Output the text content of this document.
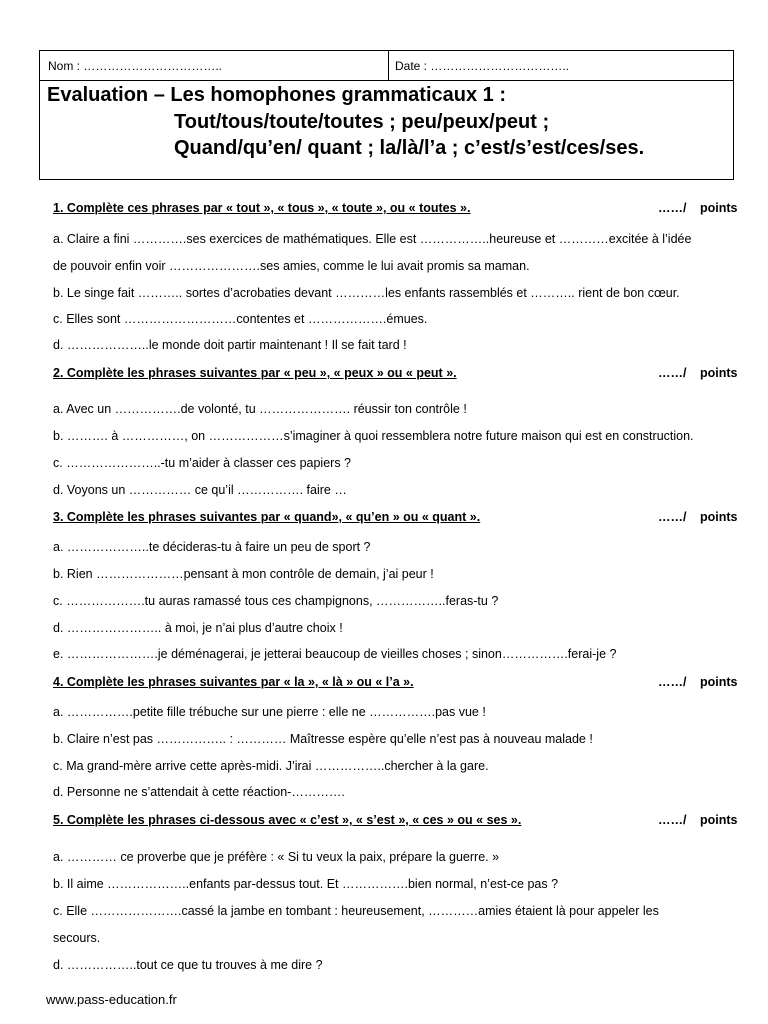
Nom : ……………………………..	Date : ……………………………..
Evaluation – Les homophones grammaticaux 1 :
Tout/tous/toute/toutes ; peu/peux/peut ;
Quand/qu’en/ quant ; la/là/l’a ; c’est/s’est/ces/ses.
1. Complète ces phrases par « tout », « tous », « toute », ou « toutes ».	……/ points
a. Claire a fini ………….ses exercices de mathématiques. Elle est ……………..heureuse et …………excitée à l’idée
de pouvoir enfin voir ………………….ses amies, comme le lui avait promis sa maman.
b. Le singe fait ……….. sortes d’acrobaties devant …………les enfants rassemblés et ……….. rient de bon cœur.
c. Elles sont ………………………contentes et ……………….émues.
d. ………………..le monde doit partir maintenant ! Il se fait tard !
2. Complète les phrases suivantes par « peu », « peux » ou « peut ».	……/ points
a. Avec un …………….de volonté, tu …………………. réussir ton contrôle !
b. ………. à ……………, on ………………s’imaginer à quoi ressemblera notre future maison qui est en construction.
c. …………………..-tu m’aider à classer ces papiers ?
d. Voyons un …………… ce qu’il ……………. faire …
3. Complète les phrases suivantes par « quand», « qu’en » ou « quant ».	……/ points
a. ………………..te décideras-tu à faire un peu de sport ?
b. Rien …………………pensant à mon contrôle de demain, j’ai peur !
c. ……………….tu auras ramassé tous ces champignons, ……………..feras-tu ?
d. ………………….. à moi, je n’ai plus d’autre choix !
e. ………………….je déménagerai, je jetterai beaucoup de vieilles choses ; sinon…………….ferai-je ?
4. Complète les phrases suivantes par « la », « là » ou « l’a ».	……/ points
a. …………….petite fille trébuche sur une pierre : elle ne …………….pas vue !
b. Claire n’est pas …………….. : ………… Maîtresse espère qu’elle n’est pas à nouveau malade !
c. Ma grand-mère arrive cette après-midi. J’irai ……………..chercher à la gare.
d. Personne ne s’attendait à cette réaction-………….
5. Complète les phrases ci-dessous avec « c’est », « s’est », « ces » ou « ses ».	……/ points
a. ………… ce proverbe que je préfère : « Si tu veux la paix, prépare la guerre. »
b. Il aime ………………..enfants par-dessus tout. Et …………….bien normal, n’est-ce pas ?
c. Elle ………………….cassé la jambe en tombant : heureusement, …………amies étaient là pour appeler les
secours.
d. ……………..tout ce que tu trouves à me dire ?
www.pass-education.fr
